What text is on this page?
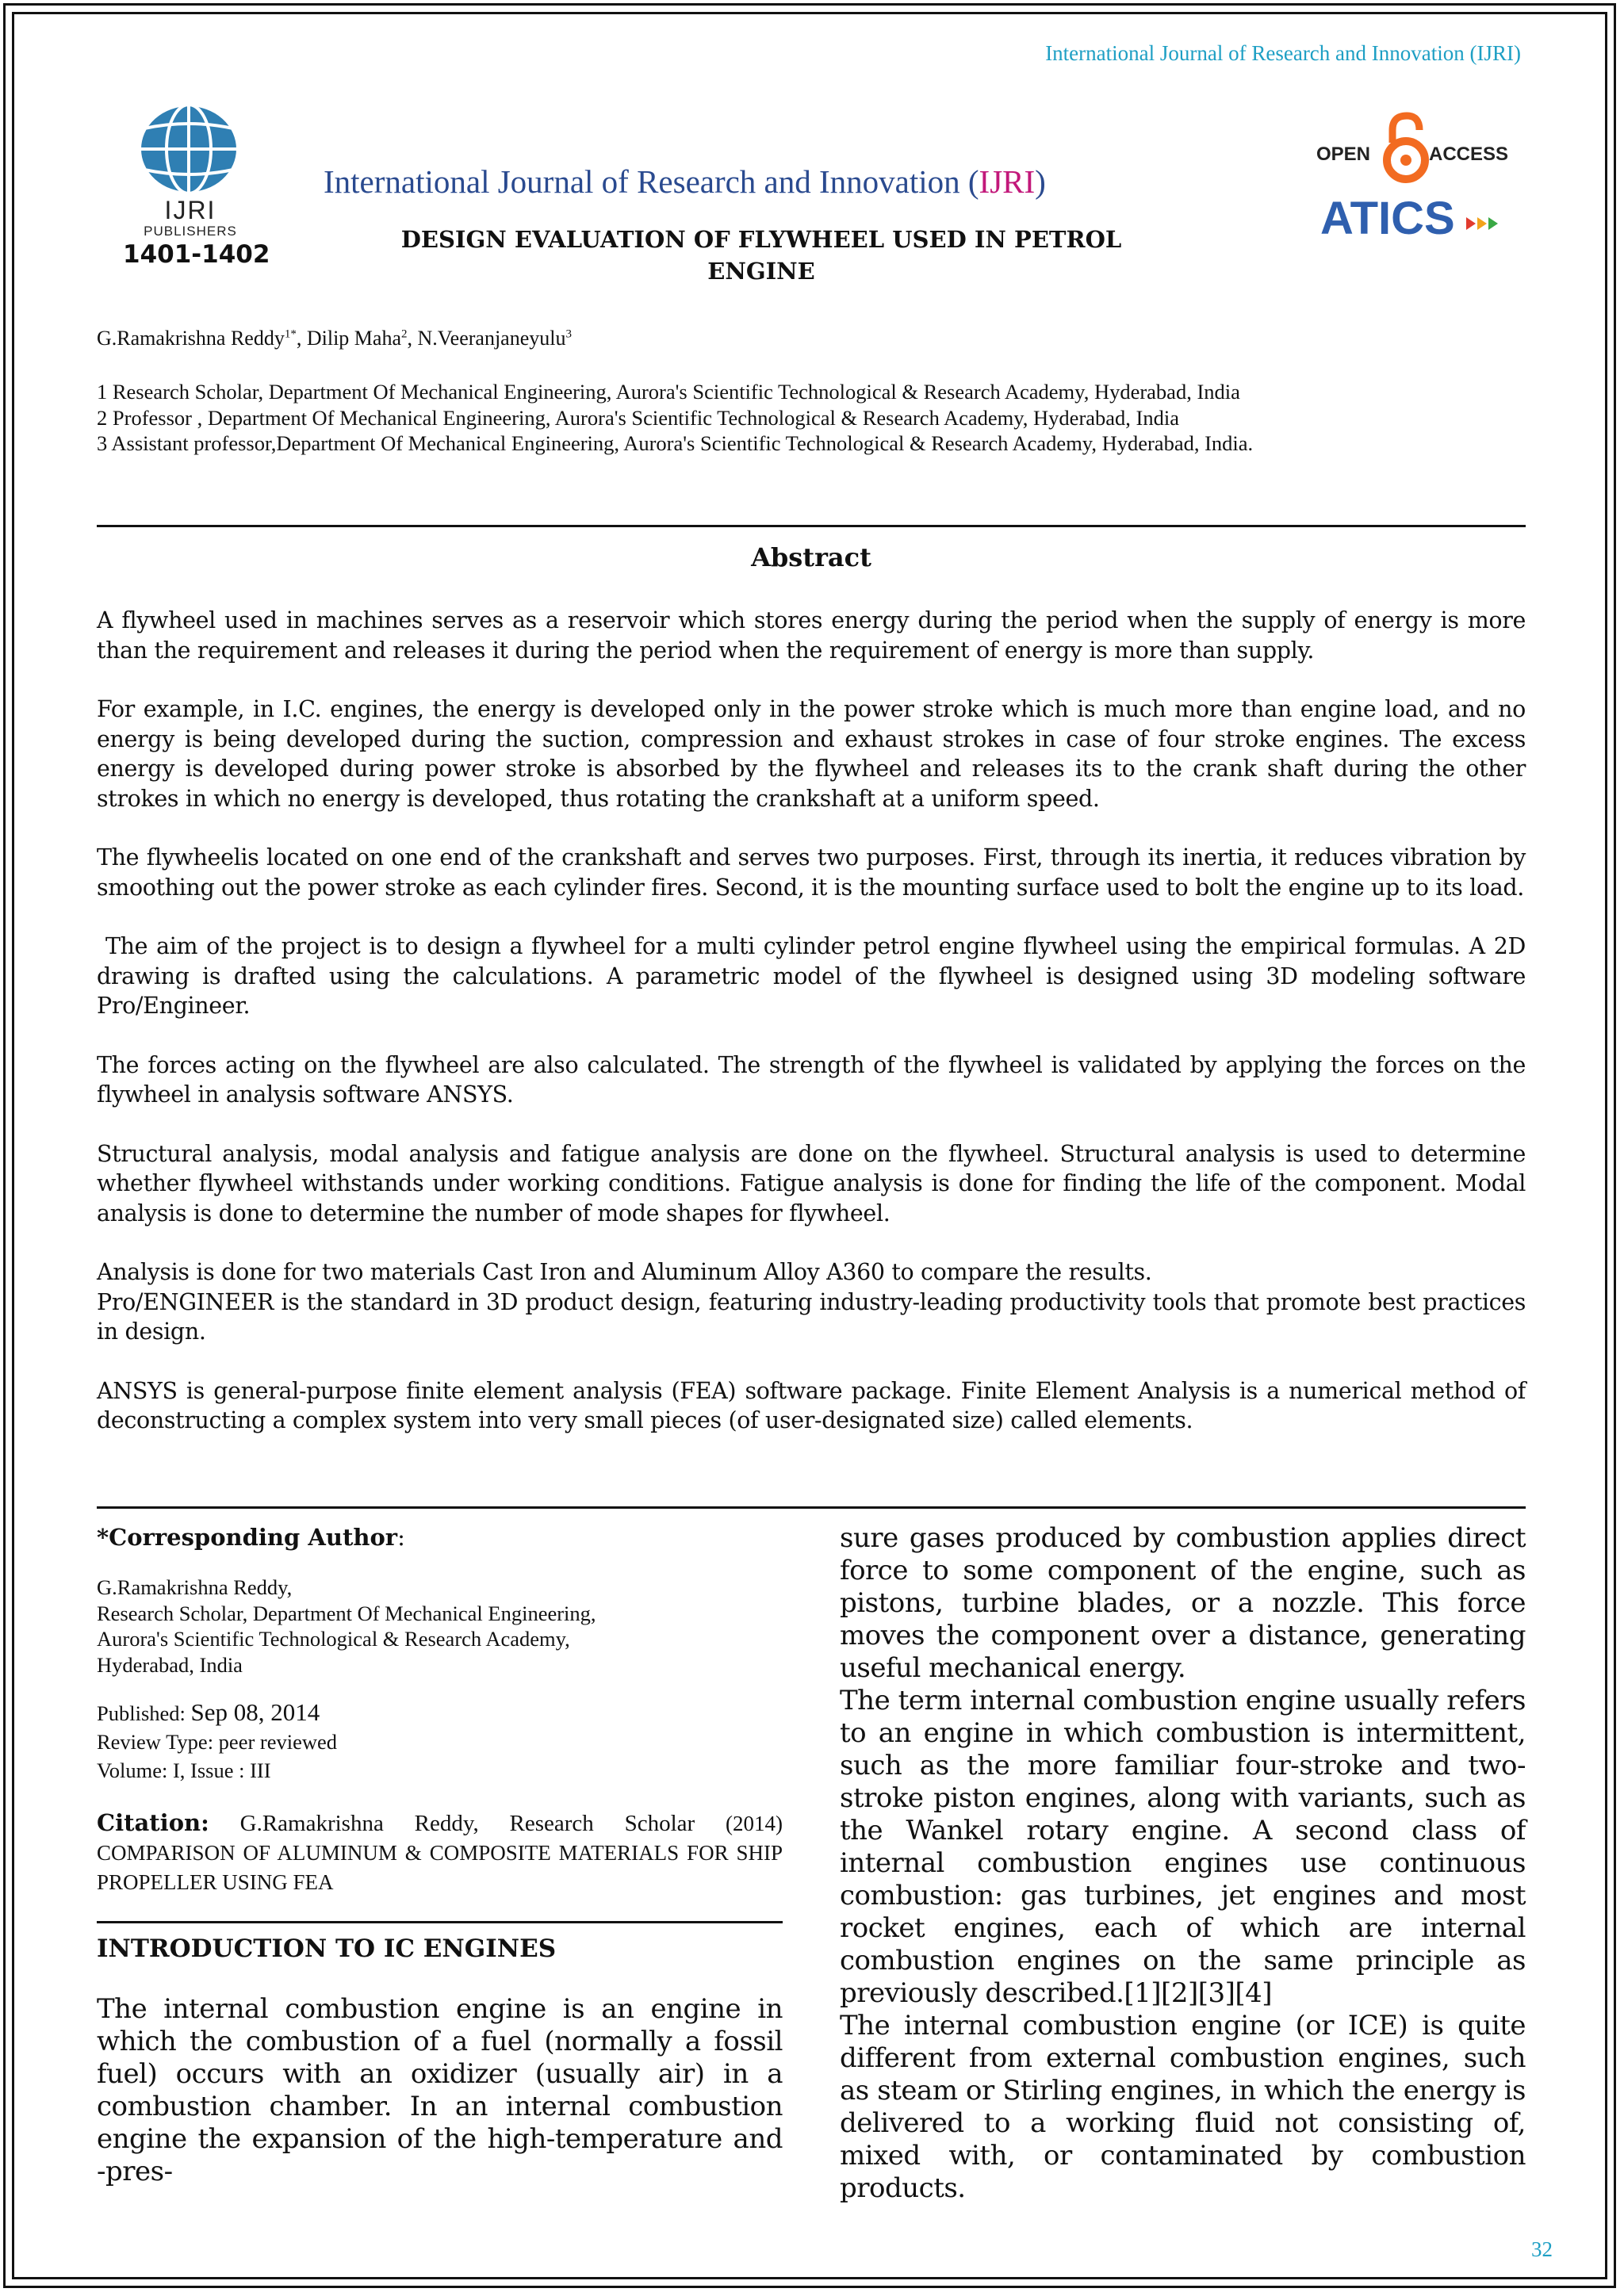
International Journal of Research and Innovation (IJRI)
IJRI
PUBLISHERS
1401-1402
International Journal of Research and Innovation (IJRI)
DESIGN EVALUATION OF FLYWHEEL USED IN PETROL ENGINE
OPEN	ACCESS
ATICS
G.Ramakrishna Reddy$^{1*}$, Dilip Maha$^2$, N.Veeranjaneyulu$^3$

1 Research Scholar, Department Of Mechanical Engineering, Aurora's Scientific Technological & Research Academy, Hyderabad, India

2 Professor , Department Of Mechanical Engineering, Aurora's Scientific Technological & Research Academy, Hyderabad, India

3 Assistant professor,Department Of Mechanical Engineering, Aurora's Scientific Technological & Research Academy, Hyderabad, India.

Abstract

A flywheel used in machines serves as a reservoir which stores energy during the period when the supply of energy is more than the requirement and releases it during the period when the requirement of energy is more than supply.

For example, in I.C. engines, the energy is developed only in the power stroke which is much more than engine load, and no energy is being developed during the suction, compression and exhaust strokes in case of four stroke engines. The excess energy is developed during power stroke is absorbed by the flywheel and releases its to the crank shaft during the other strokes in which no energy is developed, thus rotating the crankshaft at a uniform speed.

The flywheelis located on one end of the crankshaft and serves two purposes. First, through its inertia, it reduces vibration by smoothing out the power stroke as each cylinder fires. Second, it is the mounting surface used to bolt the engine up to its load.

The aim of the project is to design a flywheel for a multi cylinder petrol engine flywheel using the empirical formulas. A 2D drawing is drafted using the calculations. A parametric model of the flywheel is designed using 3D modeling software Pro/Engineer.

The forces acting on the flywheel are also calculated. The strength of the flywheel is validated by applying the forces on the flywheel in analysis software ANSYS.

Structural analysis, modal analysis and fatigue analysis are done on the flywheel. Structural analysis is used to determine whether flywheel withstands under working conditions. Fatigue analysis is done for finding the life of the component. Modal analysis is done to determine the number of mode shapes for flywheel.

Analysis is done for two materials Cast Iron and Aluminum Alloy A360 to compare the results.

Pro/ENGINEER is the standard in 3D product design, featuring industry-leading productivity tools that promote best practices in design.

ANSYS is general-purpose finite element analysis (FEA) software package. Finite Element Analysis is a numerical method of deconstructing a complex system into very small pieces (of user-designated size) called elements.

*Corresponding Author:
G.Ramakrishna Reddy,
Research Scholar, Department Of Mechanical Engineering,
Aurora's Scientific Technological & Research Academy,
Hyderabad, India
Published: Sep 08, 2014
Review Type: peer reviewed
Volume: I, Issue : III

Citation: G.Ramakrishna Reddy, Research Scholar (2014) COMPARISON OF ALUMINUM & COMPOSITE MATERIALS FOR SHIP PROPELLER USING FEA

INTRODUCTION TO IC ENGINES

The internal combustion engine is an engine in which the combustion of a fuel (normally a fossil fuel) occurs with an oxidizer (usually air) in a combustion chamber. In an internal combustion engine the expansion of the high-temperature and -pres-

sure gases produced by combustion applies direct force to some component of the engine, such as pistons, turbine blades, or a nozzle. This force moves the component over a distance, generating useful mechanical energy.

The term internal combustion engine usually refers to an engine in which combustion is intermittent, such as the more familiar four-stroke and two-stroke piston engines, along with variants, such as the Wankel rotary engine. A second class of internal combustion engines use continuous combustion: gas turbines, jet engines and most rocket engines, each of which are internal combustion engines on the same principle as previously described.[1][2][3][4]

The internal combustion engine (or ICE) is quite different from external combustion engines, such as steam or Stirling engines, in which the energy is delivered to a working fluid not consisting of, mixed with, or contaminated by combustion products.

32
